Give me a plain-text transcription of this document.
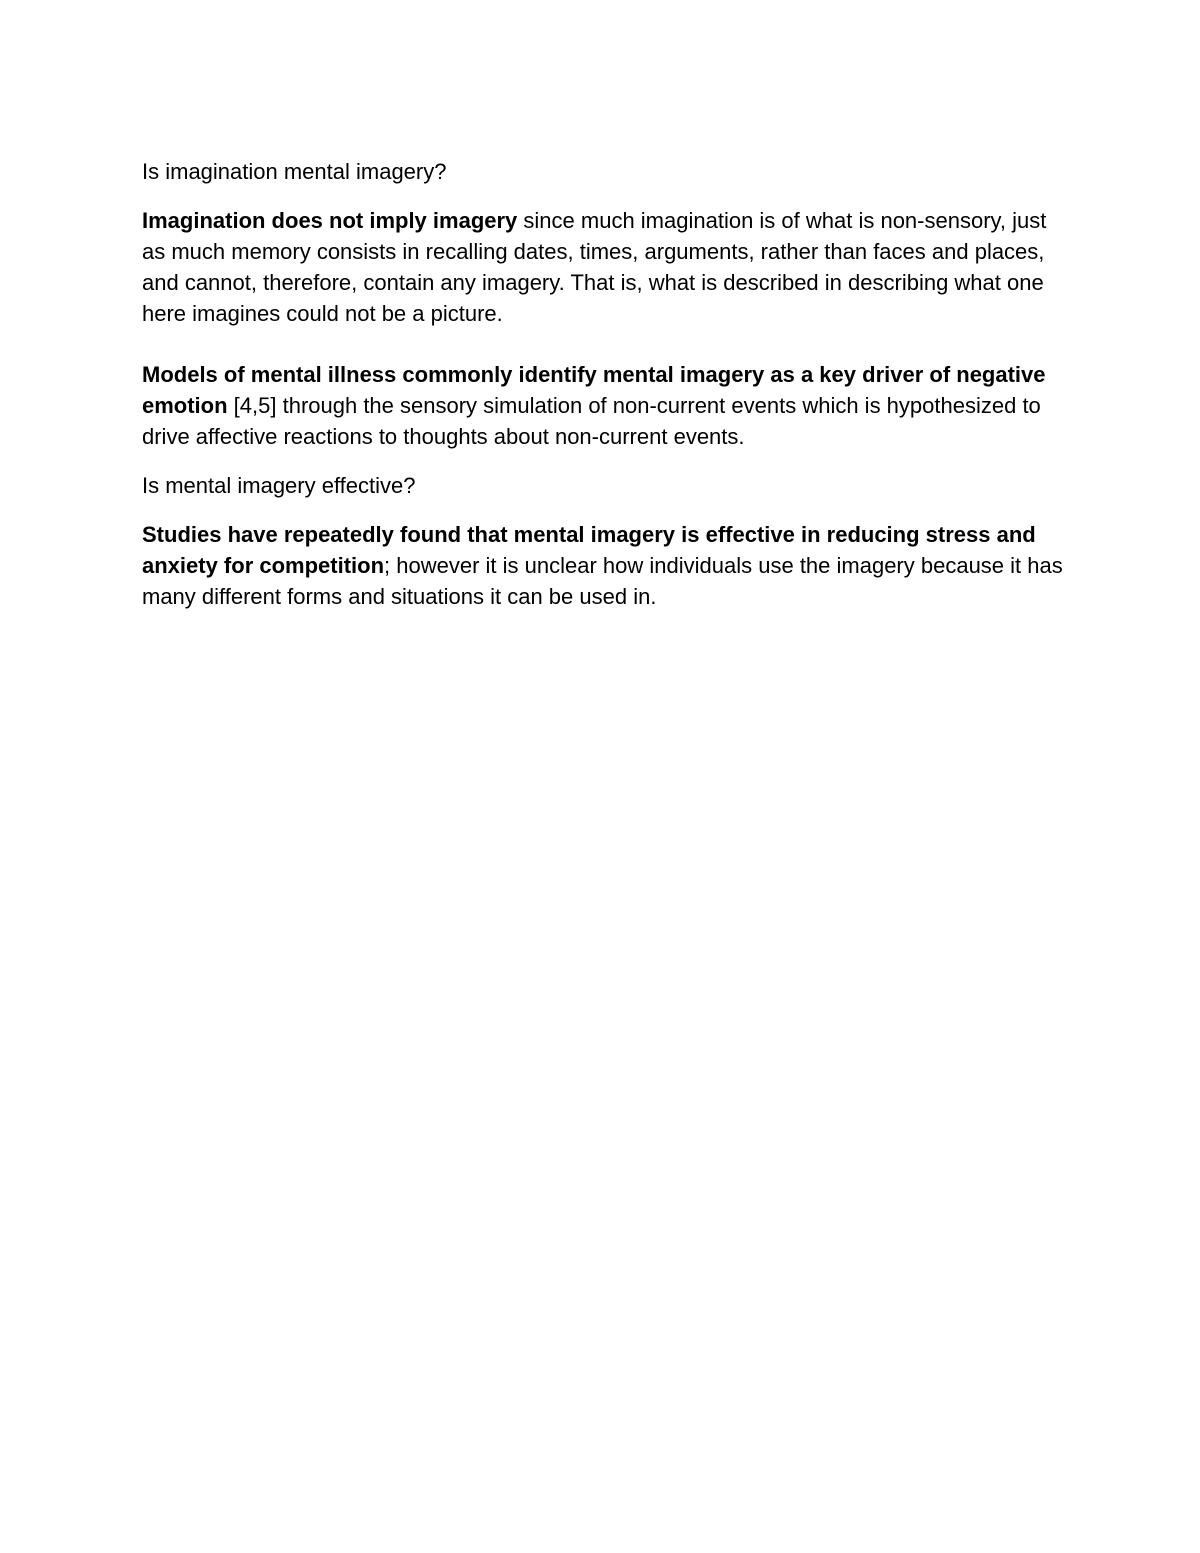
Is imagination mental imagery?

Imagination does not imply imagery since much imagination is of what is non-sensory, just as much memory consists in recalling dates, times, arguments, rather than faces and places, and cannot, therefore, contain any imagery. That is, what is described in describing what one here imagines could not be a picture.

Models of mental illness commonly identify mental imagery as a key driver of negative emotion [4,5] through the sensory simulation of non-current events which is hypothesized to drive affective reactions to thoughts about non-current events.

Is mental imagery effective?

Studies have repeatedly found that mental imagery is effective in reducing stress and anxiety for competition; however it is unclear how individuals use the imagery because it has many different forms and situations it can be used in.
